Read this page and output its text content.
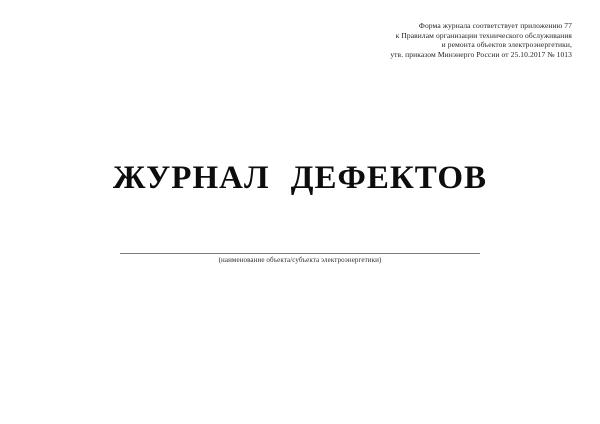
Форма журнала соответствует приложению 77
к Правилам организации технического обслуживания
и ремонта объектов электроэнергетики,
утв. приказом Минэнерго России от 25.10.2017 № 1013
ЖУРНАЛ ДЕФЕКТОВ
(наименование объекта/субъекта электроэнергетики)
